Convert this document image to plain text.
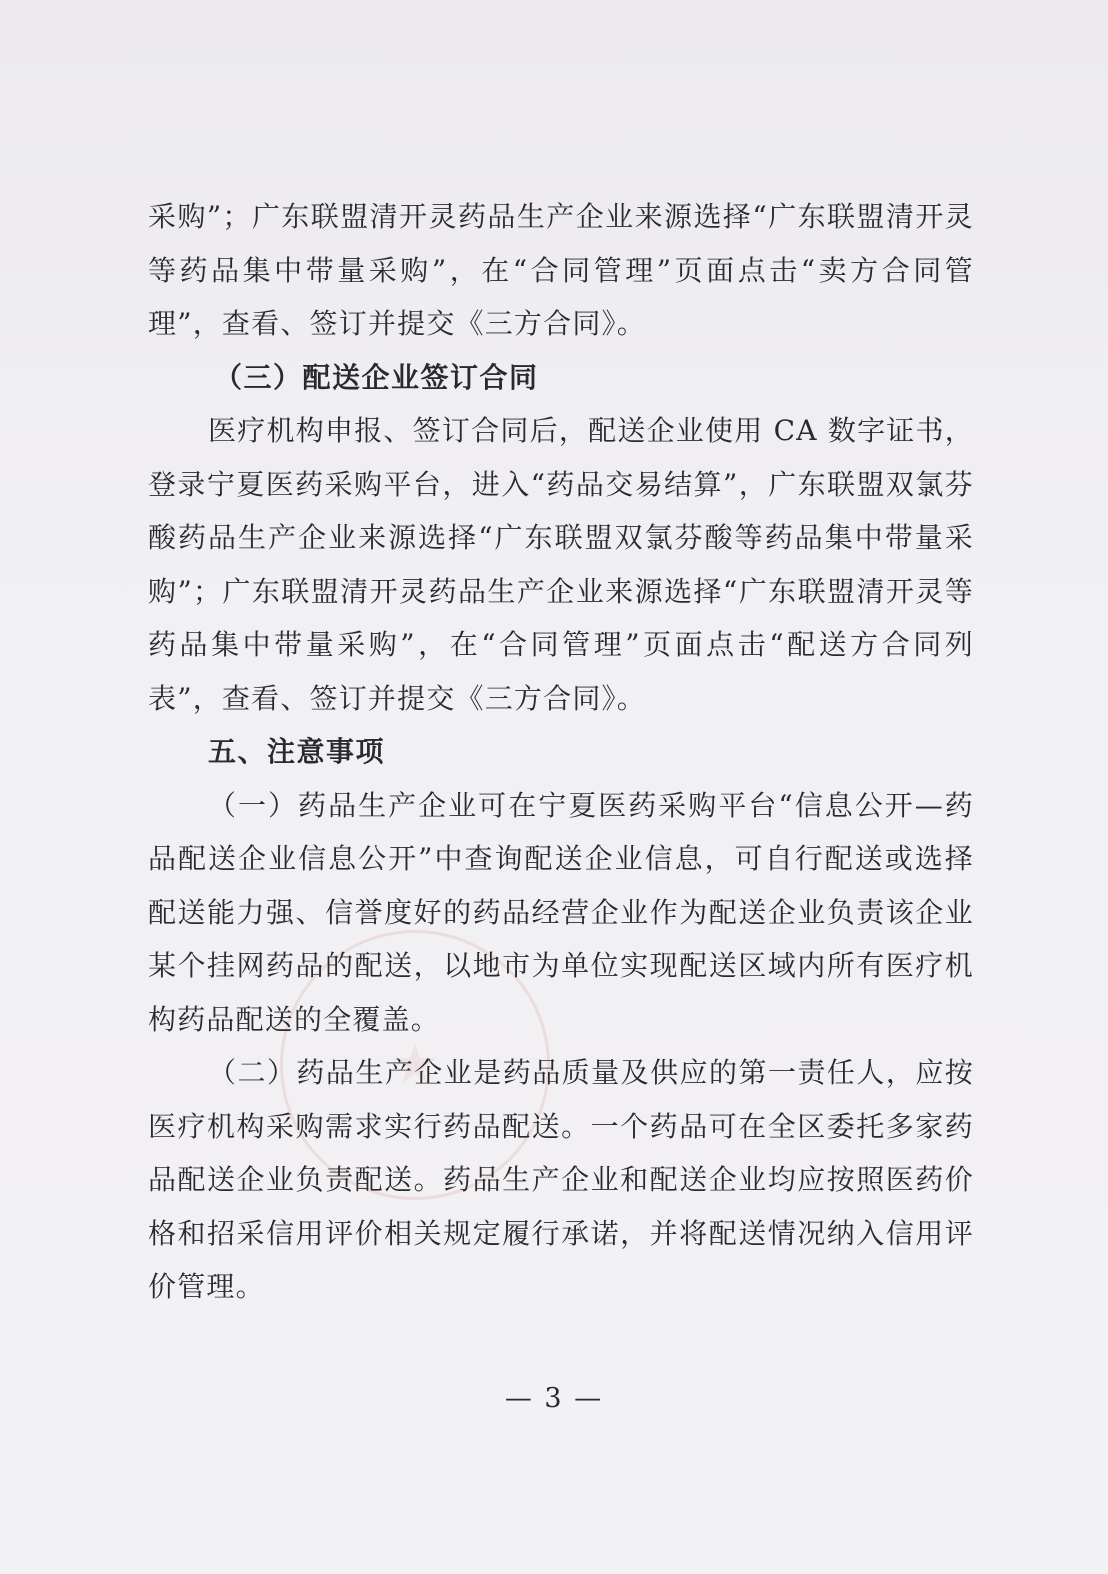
采购”；广东联盟清开灵药品生产企业来源选择“广东联盟清开灵等药品集中带量采购”，在“合同管理”页面点击“卖方合同管理”，查看、签订并提交《三方合同》。

（三）配送企业签订合同

医疗机构申报、签订合同后，配送企业使用 CA 数字证书，登录宁夏医药采购平台，进入“药品交易结算”，广东联盟双氯芬酸药品生产企业来源选择“广东联盟双氯芬酸等药品集中带量采购”；广东联盟清开灵药品生产企业来源选择“广东联盟清开灵等药品集中带量采购”，在“合同管理”页面点击“配送方合同列表”，查看、签订并提交《三方合同》。

五、注意事项

（一）药品生产企业可在宁夏医药采购平台“信息公开—药品配送企业信息公开”中查询配送企业信息，可自行配送或选择配送能力强、信誉度好的药品经营企业作为配送企业负责该企业某个挂网药品的配送，以地市为单位实现配送区域内所有医疗机构药品配送的全覆盖。

（二）药品生产企业是药品质量及供应的第一责任人，应按医疗机构采购需求实行药品配送。一个药品可在全区委托多家药品配送企业负责配送。药品生产企业和配送企业均应按照医药价格和招采信用评价相关规定履行承诺，并将配送情况纳入信用评价管理。

— 3 —
